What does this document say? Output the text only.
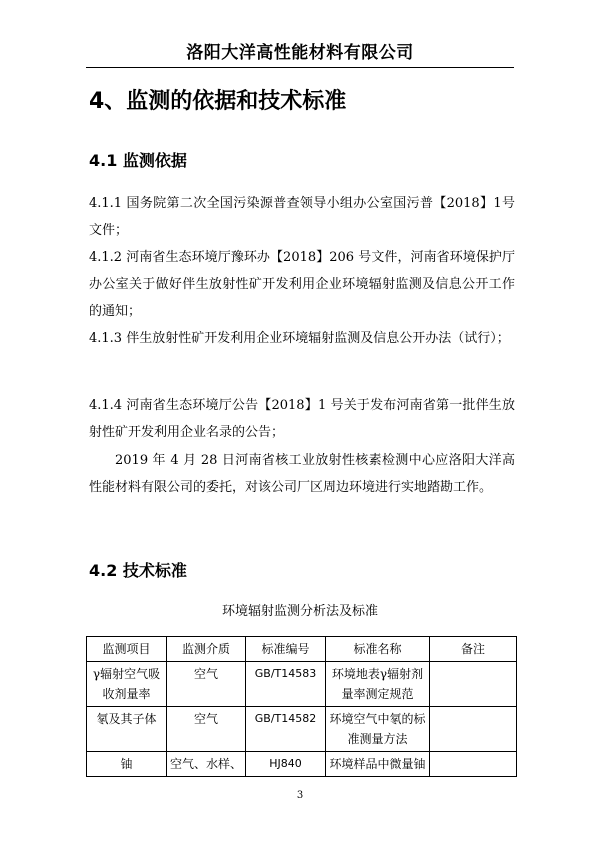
洛阳大洋高性能材料有限公司
4、监测的依据和技术标准
4.1 监测依据
4.1.1 国务院第二次全国污染源普查领导小组办公室国污普【2018】1号文件；
4.1.2 河南省生态环境厅豫环办【2018】206 号文件，河南省环境保护厅办公室关于做好伴生放射性矿开发利用企业环境辐射监测及信息公开工作的通知；
4.1.3 伴生放射性矿开发利用企业环境辐射监测及信息公开办法（试行）；
4.1.4 河南省生态环境厅公告【2018】1 号关于发布河南省第一批伴生放射性矿开发利用企业名录的公告；
2019 年 4 月 28 日河南省核工业放射性核素检测中心应洛阳大洋高性能材料有限公司的委托，对该公司厂区周边环境进行实地踏勘工作。
4.2 技术标准
环境辐射监测分析法及标准
监测项目	监测介质	标准编号	标准名称	备注
γ辐射空气吸收剂量率	空气	GB/T14583	环境地表γ辐射剂量率测定规范	
氡及其子体	空气	GB/T14582	环境空气中氡的标准测量方法	
铀	空气、水样、	HJ840	环境样品中微量铀	
3
